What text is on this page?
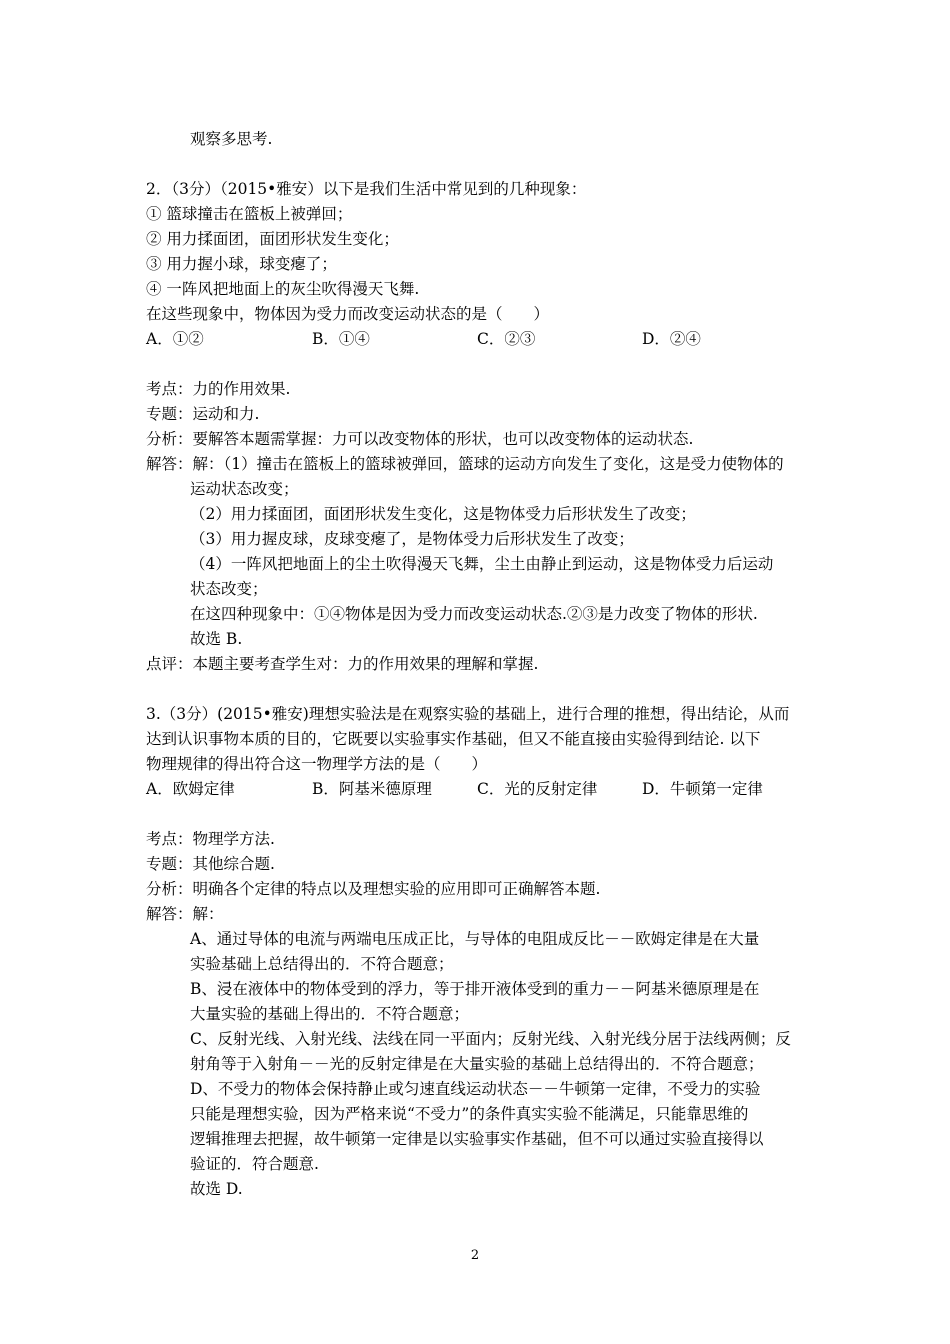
观察多思考.
2．（3分）（2015•雅安）以下是我们生活中常见到的几种现象：
① 篮球撞击在篮板上被弹回；
② 用力揉面团，面团形状发生变化；
③ 用力握小球，球变瘪了；
④ 一阵风把地面上的灰尘吹得漫天飞舞.
在这些现象中，物体因为受力而改变运动状态的是（　　）
A．①②	B．①④	C．②③	D．②④
考点：力的作用效果.
专题：运动和力.
分析：要解答本题需掌握：力可以改变物体的形状，也可以改变物体的运动状态.
解答：解：（1）撞击在篮板上的篮球被弹回，篮球的运动方向发生了变化，这是受力使物体的
运动状态改变；
（2）用力揉面团，面团形状发生变化，这是物体受力后形状发生了改变；
（3）用力握皮球，皮球变瘪了，是物体受力后形状发生了改变；
（4）一阵风把地面上的尘土吹得漫天飞舞，尘土由静止到运动，这是物体受力后运动
状态改变；
在这四种现象中：①④物体是因为受力而改变运动状态.②③是力改变了物体的形状.
故选 B.
点评：本题主要考查学生对：力的作用效果的理解和掌握.
3.（3分）(2015•雅安)理想实验法是在观察实验的基础上，进行合理的推想，得出结论，从而
达到认识事物本质的目的，它既要以实验事实作基础，但又不能直接由实验得到结论. 以下
物理规律的得出符合这一物理学方法的是（　　）
A．欧姆定律	B．阿基米德原理	C．光的反射定律	D．牛顿第一定律
考点：物理学方法.
专题：其他综合题.
分析：明确各个定律的特点以及理想实验的应用即可正确解答本题.
解答：解：
A、通过导体的电流与两端电压成正比，与导体的电阻成反比－－欧姆定律是在大量
实验基础上总结得出的．不符合题意；
B、浸在液体中的物体受到的浮力，等于排开液体受到的重力－－阿基米德原理是在
大量实验的基础上得出的．不符合题意；
C、反射光线、入射光线、法线在同一平面内；反射光线、入射光线分居于法线两侧；反
射角等于入射角－－光的反射定律是在大量实验的基础上总结得出的．不符合题意；
D、不受力的物体会保持静止或匀速直线运动状态－－牛顿第一定律，不受力的实验
只能是理想实验，因为严格来说“不受力”的条件真实实验不能满足，只能靠思维的
逻辑推理去把握，故牛顿第一定律是以实验事实作基础，但不可以通过实验直接得以
验证的．符合题意.
故选 D.
2
